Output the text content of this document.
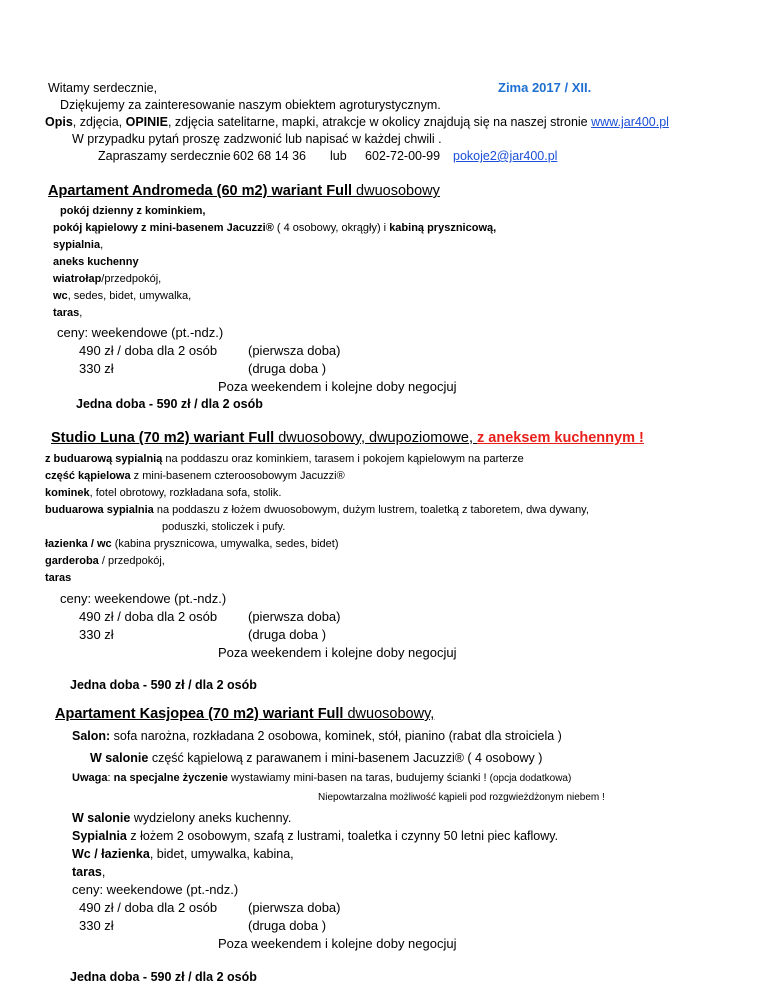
Witamy serdecznie,	Zima 2017 / XII.
Dziękujemy za zainteresowanie naszym obiektem agroturystycznym.
Opis, zdjęcia, OPINIE, zdjęcia satelitarne, mapki, atrakcje w okolicy znajdują się na naszej stronie www.jar400.pl
W przypadku pytań proszę zadzwonić lub napisać w każdej chwili .
Zapraszamy serdecznie 602 68 14 36 lub 602-72-00-99 pokoje2@jar400.pl
Apartament Andromeda (60 m2) wariant Full dwuosobowy
pokój dzienny z kominkiem,
pokój kąpielowy z mini-basenem Jacuzzi® ( 4 osobowy, okrągły) i kabiną prysznicową,
sypialnia,
aneks kuchenny
wiatrołap/przedpokój,
wc, sedes, bidet, umywalka,
taras,
ceny: weekendowe (pt.-ndz.)
490 zł / doba dla 2 osób (pierwsza doba)
330 zł	(druga doba )
Poza weekendem i kolejne doby negocjuj
Jedna doba - 590 zł / dla 2 osób
Studio Luna (70 m2) wariant Full dwuosobowy, dwupoziomowe, z aneksem kuchennym !
z buduarową sypialnią na poddaszu oraz kominkiem, tarasem i pokojem kąpielowym na parterze
część kąpielowa z mini-basenem czteroosobowym Jacuzzi®
kominek, fotel obrotowy, rozkładana sofa, stolik.
buduarowa sypialnia na poddaszu z łożem dwuosobowym, dużym lustrem, toaletką z taboretem, dwa dywany,
poduszki, stoliczek i pufy.
łazienka / wc (kabina prysznicowa, umywalka, sedes, bidet)
garderoba / przedpokój,
taras
ceny: weekendowe (pt.-ndz.)
490 zł / doba dla 2 osób (pierwsza doba)
330 zł	(druga doba )
Poza weekendem i kolejne doby negocjuj
Jedna doba - 590 zł / dla 2 osób
Apartament Kasjopea (70 m2) wariant Full dwuosobowy,
Salon: sofa narożna, rozkładana 2 osobowa, kominek, stół, pianino (rabat dla stroiciela )
W salonie część kąpielową z parawanem i mini-basenem Jacuzzi® ( 4 osobowy )
Uwaga: na specjalne życzenie wystawiamy mini-basen na taras, budujemy ścianki ! (opcja dodatkowa)
Niepowtarzalna możliwość kąpieli pod rozgwieżdżonym niebem !
W salonie wydzielony aneks kuchenny.
Sypialnia z łożem 2 osobowym, szafą z lustrami, toaletka i czynny 50 letni piec kaflowy.
Wc / łazienka, bidet, umywalka, kabina,
taras,
ceny: weekendowe (pt.-ndz.)
490 zł / doba dla 2 osób (pierwsza doba)
330 zł	(druga doba )
Poza weekendem i kolejne doby negocjuj
Jedna doba - 590 zł / dla 2 osób
